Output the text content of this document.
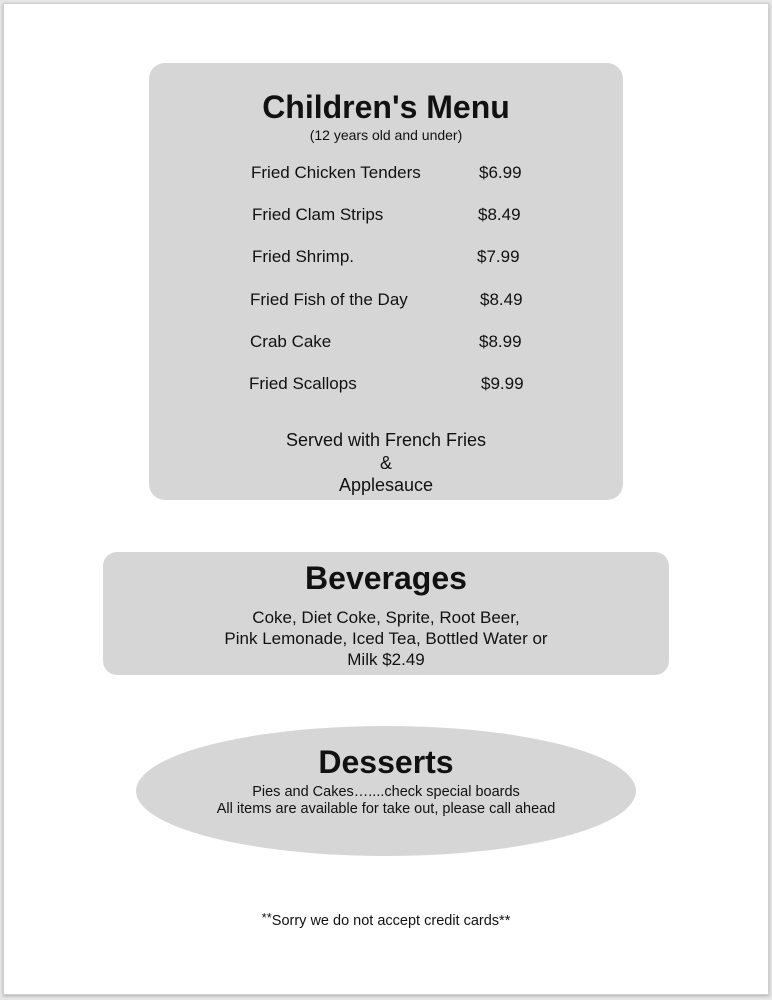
Children's Menu
(12 years old and under)
Fried Chicken Tenders	$6.99
Fried Clam Strips	$8.49
Fried Shrimp.	$7.99
Fried Fish of the Day	$8.49
Crab Cake	$8.99
Fried Scallops	$9.99
Served with French Fries
&
Applesauce
Beverages
Coke, Diet Coke, Sprite, Root Beer,
Pink Lemonade, Iced Tea, Bottled Water or
Milk $2.49
Desserts
Pies and Cakes…....check special boards
All items are available for take out, please call ahead
**Sorry we do not accept credit cards**
